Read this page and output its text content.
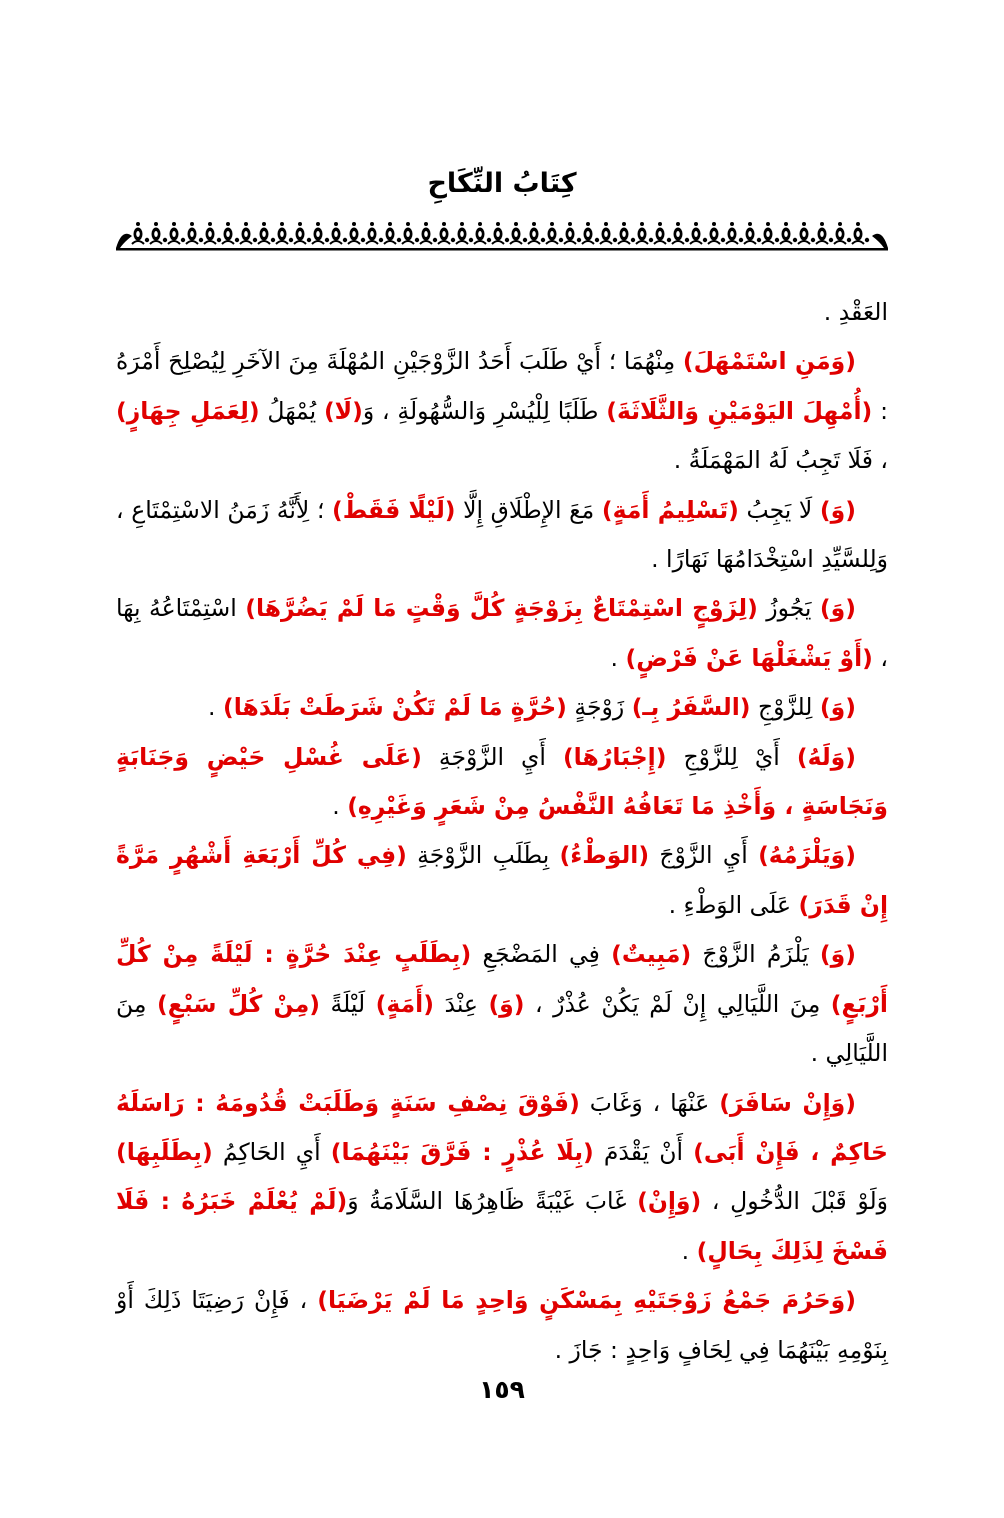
كِتَابُ النِّكَاحِ

العَقْدِ .

(وَمَنِ اسْتَمْهَلَ) مِنْهُمَا ؛ أَيْ طَلَبَ أَحَدُ الزَّوْجَيْنِ المُهْلَةَ مِنَ الآخَرِ لِيُصْلِحَ أَمْرَهُ : (أُمْهِلَ اليَوْمَيْنِ وَالثَّلَاثَةَ) طَلَبًا لِلْيُسْرِ وَالسُّهُولَةِ ، وَ(لَا) يُمْهَلُ (لِعَمَلِ جِهَازٍ) ، فَلَا تَجِبُ لَهُ المَهْمَلَةُ .

(وَ) لَا يَجِبُ (تَسْلِيمُ أَمَةٍ) مَعَ الإِطْلَاقِ إِلَّا (لَيْلًا فَقَطْ) ؛ لِأَنَّهُ زَمَنُ الاسْتِمْتَاعِ ، وَلِلسَّيِّدِ اسْتِخْدَامُهَا نَهَارًا .

(وَ) يَجُوزُ (لِزَوْجٍ اسْتِمْتَاعٌ بِزَوْجَةٍ كُلَّ وَقْتٍ مَا لَمْ يَضُرَّهَا) اسْتِمْتَاعُهُ بِهَا ، (أَوْ يَشْغَلْهَا عَنْ فَرْضٍ) .

(وَ) لِلزَّوْجِ (السَّفَرُ بِـ) زَوْجَةٍ (حُرَّةٍ مَا لَمْ تَكُنْ شَرَطَتْ بَلَدَهَا) .

(وَلَهُ) أَيْ لِلزَّوْجِ (إِجْبَارُهَا) أَيِ الزَّوْجَةِ (عَلَى غُسْلِ حَيْضٍ وَجَنَابَةٍ وَنَجَاسَةٍ ، وَأَخْذِ مَا تَعَافُهُ النَّفْسُ مِنْ شَعَرٍ وَغَيْرِهِ) .

(وَيَلْزَمُهُ) أَيِ الزَّوْجَ (الوَطْءُ) بِطَلَبِ الزَّوْجَةِ (فِي كُلِّ أَرْبَعَةِ أَشْهُرٍ مَرَّةً إِنْ قَدَرَ) عَلَى الوَطْءِ .

(وَ) يَلْزَمُ الزَّوْجَ (مَبِيتٌ) فِي المَضْجَعِ (بِطَلَبٍ عِنْدَ حُرَّةٍ : لَيْلَةً مِنْ كُلِّ أَرْبَعٍ) مِنَ اللَّيَالِي إِنْ لَمْ يَكُنْ عُذْرٌ ، (وَ) عِنْدَ (أَمَةٍ) لَيْلَةً (مِنْ كُلِّ سَبْعٍ) مِنَ اللَّيَالِي .

(وَإِنْ سَافَرَ) عَنْهَا ، وَغَابَ (فَوْقَ نِصْفِ سَنَةٍ وَطَلَبَتْ قُدُومَهُ : رَاسَلَهُ حَاكِمٌ ، فَإِنْ أَبَى) أَنْ يَقْدَمَ (بِلَا عُذْرٍ : فَرَّقَ بَيْنَهُمَا) أَيِ الحَاكِمُ (بِطَلَبِهَا) وَلَوْ قَبْلَ الدُّخُولِ ، (وَإِنْ) غَابَ غَيْبَةً ظَاهِرُهَا السَّلَامَةُ وَ(لَمْ يُعْلَمْ خَبَرُهُ : فَلَا فَسْخَ لِذَلِكَ بِحَالٍ) .

(وَحَرُمَ جَمْعُ زَوْجَتَيْهِ بِمَسْكَنٍ وَاحِدٍ مَا لَمْ يَرْضَيَا) ، فَإِنْ رَضِيَتَا ذَلِكَ أَوْ بِنَوْمِهِ بَيْنَهُمَا فِي لِحَافٍ وَاحِدٍ : جَازَ .

١٥٩
